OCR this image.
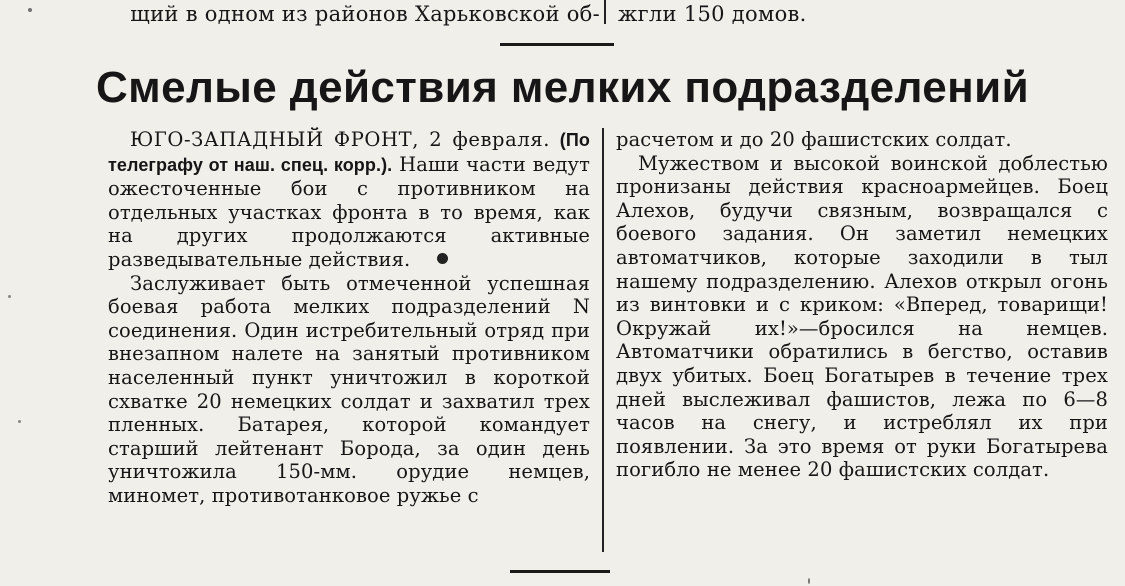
щий в одном из районов Харьковской об- жгли 150 домов.
Смелые действия мелких подразделений

ЮГО-ЗАПАДНЫЙ ФРОНТ, 2 февраля. (По телеграфу от наш. спец. корр.). Наши части ведут ожесточенные бои с противником на отдельных участках фронта в то время, как на других продолжаются активные разведывательные действия.

Заслуживает быть отмеченной успешная боевая работа мелких подразделений N соединения. Один истребительный отряд при внезапном налете на занятый противником населенный пункт уничтожил в короткой схватке 20 немецких солдат и захватил трех пленных. Батарея, которой командует старший лейтенант Борода, за один день уничтожила 150-мм. орудие немцев, миномет, противотанковое ружье с

расчетом и до 20 фашистских солдат.

Мужеством и высокой воинской доблестью пронизаны действия красноармейцев. Боец Алехов, будучи связным, возвращался с боевого задания. Он заметил немецких автоматчиков, которые заходили в тыл нашему подразделению. Алехов открыл огонь из винтовки и с криком: «Вперед, товарищи! Окружай их!»—бросился на немцев. Автоматчики обратились в бегство, оставив двух убитых. Боец Богатырев в течение трех дней выслеживал фашистов, лежа по 6—8 часов на снегу, и истреблял их при появлении. За это время от руки Богатырева погибло не менее 20 фашистских солдат.
